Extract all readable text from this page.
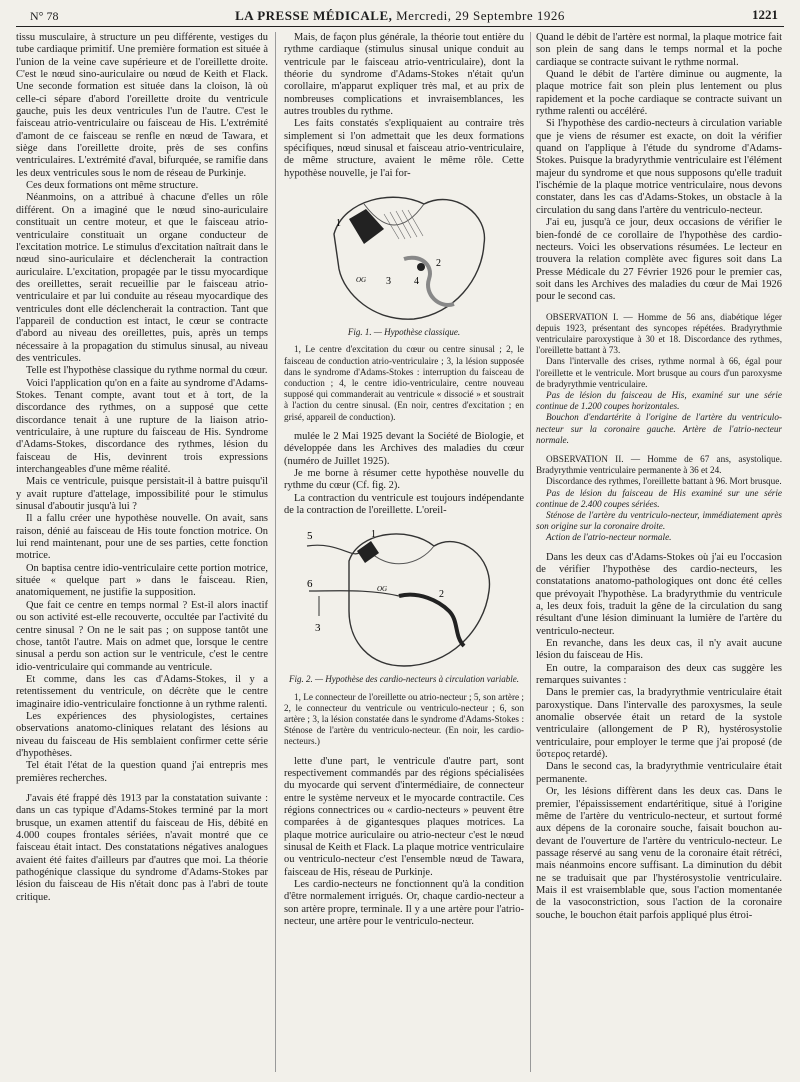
N° 78	LA PRESSE MÉDICALE, Mercredi, 29 Septembre 1926	1221

tissu musculaire, à structure un peu différente, vestiges du tube cardiaque primitif. Une première formation est située à l'union de la veine cave supérieure et de l'oreillette droite. C'est le nœud sino-auriculaire ou nœud de Keith et Flack. Une seconde formation est située dans la cloison, là où celle-ci sépare d'abord l'oreillette droite du ventricule gauche, puis les deux ventricules l'un de l'autre. C'est le faisceau atrio-ventriculaire ou faisceau de His. L'extrémité d'amont de ce faisceau se renfle en nœud de Tawara, et siège dans l'oreillette droite, près de ses confins ventriculaires. L'extrémité d'aval, bifurquée, se ramifie dans les deux ventricules sous le nom de réseau de Purkinje.

Ces deux formations ont même structure.

Néanmoins, on a attribué à chacune d'elles un rôle différent. On a imaginé que le nœud sino-auriculaire constituait un centre moteur, et que le faisceau atrio-ventriculaire constituait un organe conducteur de l'excitation motrice. Le stimulus d'excitation naîtrait dans le nœud sino-auriculaire et déclencherait la contraction auriculaire. L'excitation, propagée par le tissu myocardique des oreillettes, serait recueillie par le faisceau atrio-ventriculaire et par lui conduite au réseau myocardique des ventricules dont elle déclencherait la contraction. Tant que l'appareil de conduction est intact, le cœur se contracte d'abord au niveau des oreillettes, puis, après un temps nécessaire à la propagation du stimulus sinusal, au niveau des ventricules.

Telle est l'hypothèse classique du rythme normal du cœur.

Voici l'application qu'on en a faite au syndrome d'Adams-Stokes. Tenant compte, avant tout et à tort, de la discordance des rythmes, on a supposé que cette discordance tenait à une rupture de la liaison atrio-ventriculaire, à une rupture du faisceau de His. Syndrome d'Adams-Stokes, discordance des rythmes, lésion du faisceau de His, devinrent trois expressions interchangeables d'une même réalité.

Mais ce ventricule, puisque persistait-il à battre puisqu'il y avait rupture d'attelage, impossibilité pour le stimulus sinusal d'aboutir jusqu'à lui ?

Il a fallu créer une hypothèse nouvelle. On avait, sans raison, dénié au faisceau de His toute fonction motrice. On lui rend maintenant, pour une de ses parties, cette fonction motrice.

On baptisa centre idio-ventriculaire cette portion motrice, située « quelque part » dans le faisceau. Rien, anatomiquement, ne justifie la supposition.

Que fait ce centre en temps normal ? Est-il alors inactif ou son activité est-elle recouverte, occultée par l'activité du centre sinusal ? On ne le sait pas ; on suppose tantôt une chose, tantôt l'autre. Mais on admet que, lorsque le centre sinusal a perdu son action sur le ventricule, c'est le centre idio-ventriculaire qui commande au ventricule.

Et comme, dans les cas d'Adams-Stokes, il y a retentissement du ventricule, on décrète que le centre imaginaire idio-ventriculaire fonctionne à un rythme ralenti.

Les expériences des physiologistes, certaines observations anatomo-cliniques relatant des lésions au niveau du faisceau de His semblaient confirmer cette série d'hypothèses.

Tel était l'état de la question quand j'ai entrepris mes premières recherches.

J'avais été frappé dès 1913 par la constatation suivante : dans un cas typique d'Adams-Stokes terminé par la mort brusque, un examen attentif du faisceau de His, débité en 4.000 coupes frontales sériées, n'avait montré que ce faisceau était intact. Des constatations négatives analogues avaient été faites d'ailleurs par d'autres que moi. La théorie pathogénique classique du syndrome d'Adams-Stokes par lésion du faisceau de His n'était donc pas à l'abri de toute critique.

Mais, de façon plus générale, la théorie tout entière du rythme cardiaque (stimulus sinusal unique conduit au ventricule par le faisceau atrio-ventriculaire), dont la théorie du syndrome d'Adams-Stokes n'était qu'un corollaire, m'apparut expliquer très mal, et au prix de nombreuses complications et invraisemblances, les autres troubles du rythme.

Les faits constatés s'expliquaient au contraire très simplement si l'on admettait que les deux formations spécifiques, nœud sinusal et faisceau atrio-ventriculaire, de même structure, avaient le même rôle. Cette hypothèse nouvelle, je l'ai for-

1
2
3 4
OG
Fig. 1. — Hypothèse classique.

1, Le centre d'excitation du cœur ou centre sinusal ; 2, le faisceau de conduction atrio-ventriculaire ; 3, la lésion supposée dans le syndrome d'Adams-Stokes : interruption du faisceau de conduction ; 4, le centre idio-ventriculaire, centre nouveau supposé qui commanderait au ventricule « dissocié » et soustrait à l'action du centre sinusal. (En noir, centres d'excitation ; en grisé, appareil de conduction).

mulée le 2 Mai 1925 devant la Société de Biologie, et développée dans les Archives des maladies du cœur (numéro de Juillet 1925).

Je me borne à résumer cette hypothèse nouvelle du rythme du cœur (Cf. fig. 2).

La contraction du ventricule est toujours indépendante de la contraction de l'oreillette. L'oreil-

5	1
2
6
3
OG
Fig. 2. — Hypothèse des cardio-necteurs à circulation variable.

1, Le connecteur de l'oreillette ou atrio-necteur ; 5, son artère ; 2, le connecteur du ventricule ou ventriculo-necteur ; 6, son artère ; 3, la lésion constatée dans le syndrome d'Adams-Stokes : Sténose de l'artère du ventriculo-necteur. (En noir, les cardio-necteurs.)

lette d'une part, le ventricule d'autre part, sont respectivement commandés par des régions spécialisées du myocarde qui servent d'intermédiaire, de connecteur entre le système nerveux et le myocarde contractile. Ces régions connectrices ou « cardio-necteurs » peuvent être comparées à de gigantesques plaques motrices. La plaque motrice auriculaire ou atrio-necteur c'est le nœud sinusal de Keith et Flack. La plaque motrice ventriculaire ou ventriculo-necteur c'est l'ensemble nœud de Tawara, faisceau de His, réseau de Purkinje.

Les cardio-necteurs ne fonctionnent qu'à la condition d'être normalement irrigués. Or, chaque cardio-necteur a son artère propre, terminale. Il y a une artère pour l'atrio-necteur, une artère pour le ventriculo-necteur.

Quand le débit de l'artère est normal, la plaque motrice fait son plein de sang dans le temps normal et la poche cardiaque se contracte suivant le rythme normal.

Quand le débit de l'artère diminue ou augmente, la plaque motrice fait son plein plus lentement ou plus rapidement et la poche cardiaque se contracte suivant un rythme ralenti ou accéléré.

Si l'hypothèse des cardio-necteurs à circulation variable que je viens de résumer est exacte, on doit la vérifier quand on l'applique à l'étude du syndrome d'Adams-Stokes. Puisque la bradyrythmie ventriculaire est l'élément majeur du syndrome et que nous supposons qu'elle traduit l'ischémie de la plaque motrice ventriculaire, nous devons constater, dans les cas d'Adams-Stokes, un obstacle à la circulation du sang dans l'artère du ventriculo-necteur.

J'ai eu, jusqu'à ce jour, deux occasions de vérifier le bien-fondé de ce corollaire de l'hypothèse des cardio-necteurs. Voici les observations résumées. Le lecteur en trouvera la relation complète avec figures soit dans La Presse Médicale du 27 Février 1926 pour le premier cas, soit dans les Archives des maladies du cœur de Mai 1926 pour le second cas.

OBSERVATION I. — Homme de 56 ans, diabétique léger depuis 1923, présentant des syncopes répétées. Bradyrythmie ventriculaire paroxystique à 30 et 18. Discordance des rythmes, l'oreillette battant à 73.

Dans l'intervalle des crises, rythme normal à 66, égal pour l'oreillette et le ventricule. Mort brusque au cours d'un paroxysme de bradyrythmie ventriculaire.

Pas de lésion du faisceau de His, examiné sur une série continue de 1.200 coupes horizontales.

Bouchon d'endartérite à l'origine de l'artère du ventriculo-necteur sur la coronaire gauche. Artère de l'atrio-necteur normale.

OBSERVATION II. — Homme de 67 ans, asystolique. Bradyrythmie ventriculaire permanente à 36 et 24.

Discordance des rythmes, l'oreillette battant à 96. Mort brusque.

Pas de lésion du faisceau de His examiné sur une série continue de 2.400 coupes sériées.

Sténose de l'artère du ventriculo-necteur, immédiatement après son origine sur la coronaire droite.

Action de l'atrio-necteur normale.

Dans les deux cas d'Adams-Stokes où j'ai eu l'occasion de vérifier l'hypothèse des cardio-necteurs, les constatations anatomo-pathologiques ont donc été celles que prévoyait l'hypothèse. La bradyrythmie du ventricule a, les deux fois, traduit la gêne de la circulation du sang résultant d'une lésion diminuant la lumière de l'artère du ventriculo-necteur.

En revanche, dans les deux cas, il n'y avait aucune lésion du faisceau de His.

En outre, la comparaison des deux cas suggère les remarques suivantes :

Dans le premier cas, la bradyrythmie ventriculaire était paroxystique. Dans l'intervalle des paroxysmes, la seule anomalie observée était un retard de la systole ventriculaire (allongement de P R), hystérosystolie ventriculaire, pour employer le terme que j'ai proposé (de ὕστερος retardé).

Dans le second cas, la bradyrythmie ventriculaire était permanente.

Or, les lésions diffèrent dans les deux cas. Dans le premier, l'épaississement endartéritique, situé à l'origine même de l'artère du ventriculo-necteur, et surtout formé aux dépens de la coronaire souche, faisait bouchon au-devant de l'ouverture de l'artère du ventriculo-necteur. Le passage réservé au sang venu de la coronaire était rétréci, mais néanmoins encore suffisant. La diminution du débit ne se traduisait que par l'hystérosystolie ventriculaire. Mais il est vraisemblable que, sous l'action momentanée de la vasoconstriction, sous l'action de la coronaire souche, le bouchon était parfois appliqué plus étroi-
